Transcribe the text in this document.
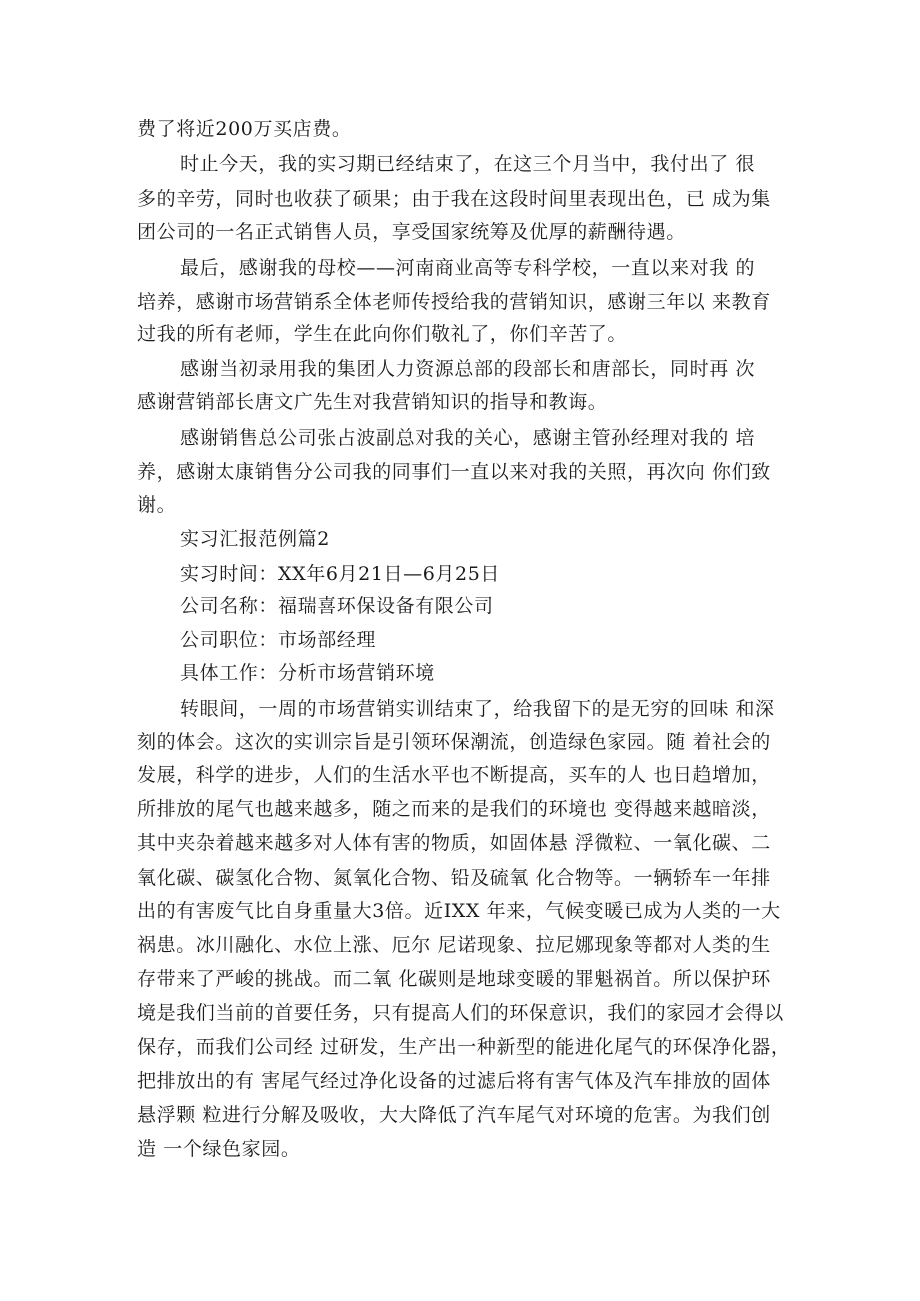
费了将近200万买店费。
时止今天，我的实习期已经结束了，在这三个月当中，我付出了 很
多的辛劳，同时也收获了硕果；由于我在这段时间里表现出色，已 成为集
团公司的一名正式销售人员，享受国家统筹及优厚的薪酬待遇。
最后，感谢我的母校——河南商业高等专科学校，一直以来对我 的
培养，感谢市场营销系全体老师传授给我的营销知识，感谢三年以 来教育
过我的所有老师，学生在此向你们敬礼了，你们辛苦了。
感谢当初录用我的集团人力资源总部的段部长和唐部长，同时再 次
感谢营销部长唐文广先生对我营销知识的指导和教诲。
感谢销售总公司张占波副总对我的关心，感谢主管孙经理对我的 培
养，感谢太康销售分公司我的同事们一直以来对我的关照，再次向 你们致
谢。
实习汇报范例篇2
实习时间：XX年6月21日—6月25日
公司名称：福瑞喜环保设备有限公司
公司职位：市场部经理
具体工作：分析市场营销环境
转眼间，一周的市场营销实训结束了，给我留下的是无穷的回味 和深
刻的体会。这次的实训宗旨是引领环保潮流，创造绿色家园。随 着社会的
发展，科学的进步，人们的生活水平也不断提高，买车的人 也日趋增加，
所排放的尾气也越来越多，随之而来的是我们的环境也 变得越来越暗淡，
其中夹杂着越来越多对人体有害的物质，如固体悬 浮微粒、一氧化碳、二
氧化碳、碳氢化合物、氮氧化合物、铅及硫氧 化合物等。一辆轿车一年排
出的有害废气比自身重量大3倍。近IXX 年来，气候变暖已成为人类的一大
祸患。冰川融化、水位上涨、厄尔 尼诺现象、拉尼娜现象等都对人类的生
存带来了严峻的挑战。而二氧 化碳则是地球变暖的罪魁祸首。所以保护环
境是我们当前的首要任务，只有提高人们的环保意识，我们的家园才会得以
保存，而我们公司经 过研发，生产出一种新型的能进化尾气的环保净化器，
把排放出的有 害尾气经过净化设备的过滤后将有害气体及汽车排放的固体
悬浮颗 粒进行分解及吸收，大大降低了汽车尾气对环境的危害。为我们创
造 一个绿色家园。
